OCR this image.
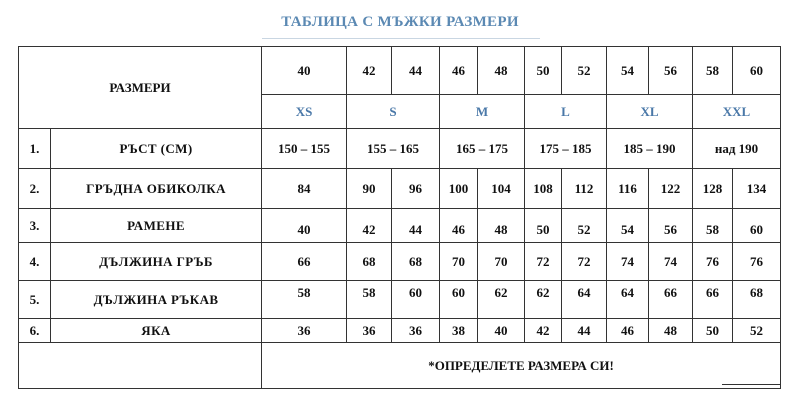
ТАБЛИЦА С МЪЖКИ РАЗМЕРИ
РАЗМЕРИ		40	42	44	46	48	50	52	54	56	58	60
		XS	S		M		L		XL		XXL	
1.	РЪСТ (СМ)	150 – 155	155 – 165		165 – 175		175 – 185		185 – 190		над 190	
2.	ГРЪДНА ОБИКОЛКА	84	90	96	100	104	108	112	116	122	128	134
3.	РАМЕНЕ	40	42	44	46	48	50	52	54	56	58	60
4.	ДЪЛЖИНА ГРЪБ	66	68	68	70	70	72	72	74	74	76	76
5.	ДЪЛЖИНА РЪКАВ	58	58	60	60	62	62	64	64	66	66	68
6.	ЯКА	36	36	36	38	40	42	44	46	48	50	52
		*ОПРЕДЕЛЕТЕ РАЗМЕРА СИ!										
